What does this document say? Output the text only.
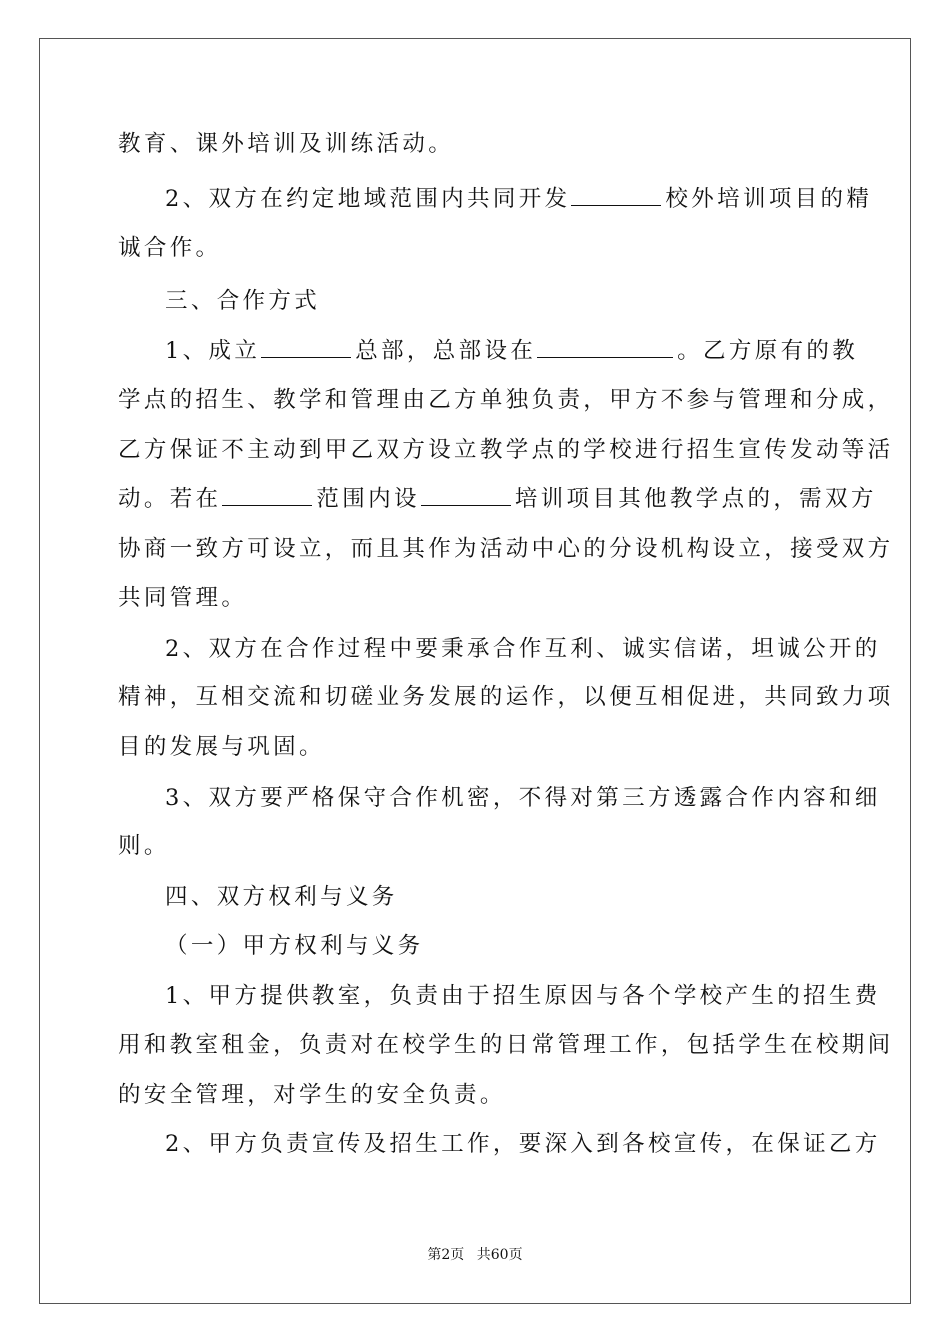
教育、课外培训及训练活动。
2、双方在约定地域范围内共同开发	校外培训项目的精
诚合作。
三、合作方式
1、成立	总部，总部设在	。乙方原有的教
学点的招生、教学和管理由乙方单独负责，甲方不参与管理和分成，
乙方保证不主动到甲乙双方设立教学点的学校进行招生宣传发动等活
动。若在	范围内设	培训项目其他教学点的，需双方
协商一致方可设立，而且其作为活动中心的分设机构设立，接受双方
共同管理。
2、双方在合作过程中要秉承合作互利、诚实信诺，坦诚公开的
精神，互相交流和切磋业务发展的运作，以便互相促进，共同致力项
目的发展与巩固。
3、双方要严格保守合作机密，不得对第三方透露合作内容和细
则。
四、双方权利与义务
（一）甲方权利与义务
1、甲方提供教室，负责由于招生原因与各个学校产生的招生费
用和教室租金，负责对在校学生的日常管理工作，包括学生在校期间
的安全管理，对学生的安全负责。
2、甲方负责宣传及招生工作，要深入到各校宣传，在保证乙方
第2页 共60页
